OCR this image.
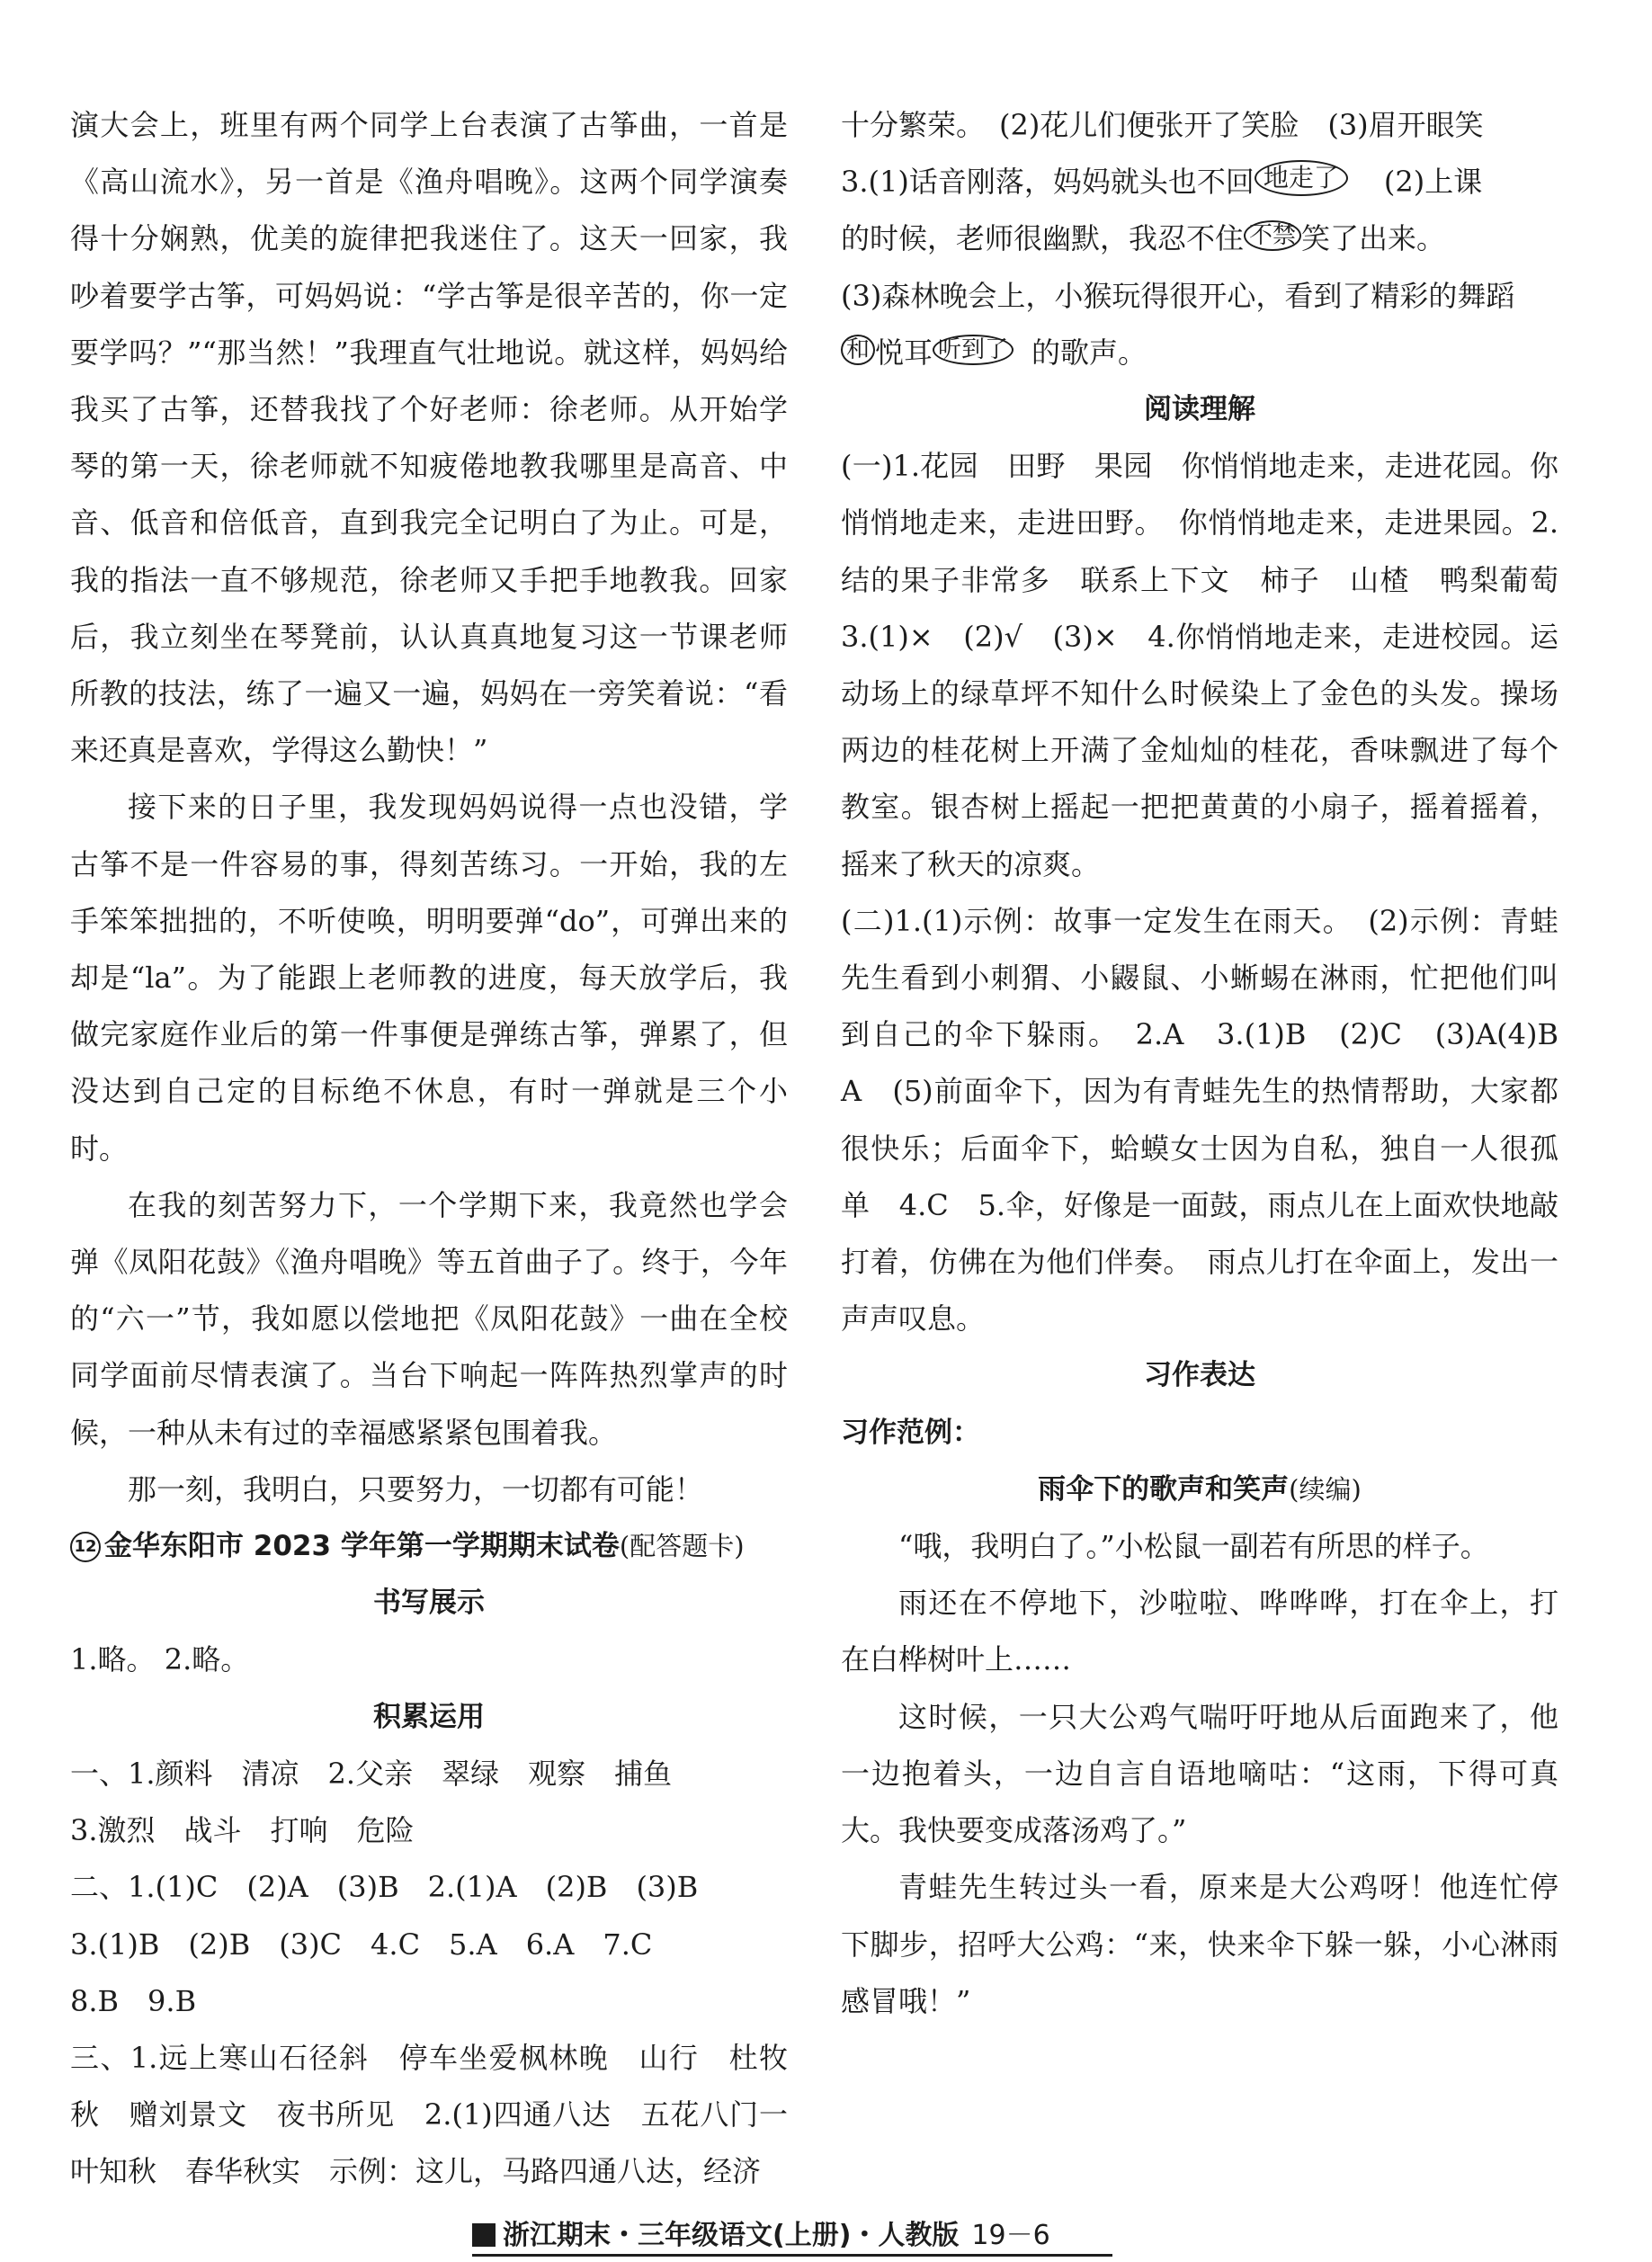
演大会上，班里有两个同学上台表演了古筝曲，一首是《高山流水》，另一首是《渔舟唱晚》。这两个同学演奏得十分娴熟，优美的旋律把我迷住了。这天一回家，我吵着要学古筝，可妈妈说：“学古筝是很辛苦的，你一定要学吗？”“那当然！”我理直气壮地说。就这样，妈妈给我买了古筝，还替我找了个好老师：徐老师。从开始学琴的第一天，徐老师就不知疲倦地教我哪里是高音、中音、低音和倍低音，直到我完全记明白了为止。可是，我的指法一直不够规范，徐老师又手把手地教我。回家后，我立刻坐在琴凳前，认认真真地复习这一节课老师所教的技法，练了一遍又一遍，妈妈在一旁笑着说：“看来还真是喜欢，学得这么勤快！”

接下来的日子里，我发现妈妈说得一点也没错，学古筝不是一件容易的事，得刻苦练习。一开始，我的左手笨笨拙拙的，不听使唤，明明要弹“do”，可弹出来的却是“la”。为了能跟上老师教的进度，每天放学后，我做完家庭作业后的第一件事便是弹练古筝，弹累了，但没达到自己定的目标绝不休息，有时一弹就是三个小时。

在我的刻苦努力下，一个学期下来，我竟然也学会弹《凤阳花鼓》《渔舟唱晚》等五首曲子了。终于，今年的“六一”节，我如愿以偿地把《凤阳花鼓》一曲在全校同学面前尽情表演了。当台下响起一阵阵热烈掌声的时候，一种从未有过的幸福感紧紧包围着我。

那一刻，我明白，只要努力，一切都有可能！

12 金华东阳市 2023 学年第一学期期末试卷(配答题卡)

书写展示

1.略。 2.略。

积累运用

一、1.颜料　清凉　2.父亲　翠绿　观察　捕鱼

3.激烈　战斗　打响　危险

二、1.(1)C　(2)A　(3)B　2.(1)A　(2)B　(3)B

3.(1)B　(2)B　(3)C　4.C　5.A　6.A　7.C

8.B　9.B

三、1.远上寒山石径斜　停车坐爱枫林晚　山行　杜牧秋　赠刘景文　夜书所见　2.(1)四通八达　五花八门一叶知秋　春华秋实　示例：这儿，马路四通八达，经济

十分繁荣。　(2)花儿们便张开了笑脸　(3)眉开眼笑

3.(1)话音刚落，妈妈就头也不回 地走了 (2)上课

的时候，老师很幽默，我忍不住 不禁 笑了出来。

(3)森林晚会上，小猴玩得很开心，看到了精彩的舞蹈

和 悦耳 听到了 的歌声。

阅读理解

(一)1.花园　田野　果园　你悄悄地走来，走进花园。你悄悄地走来，走进田野。　你悄悄地走来，走进果园。2.结的果子非常多　联系上下文　柿子　山楂　鸭梨葡萄　3.(1)×　(2)√　(3)×　4.你悄悄地走来，走进校园。运动场上的绿草坪不知什么时候染上了金色的头发。操场两边的桂花树上开满了金灿灿的桂花，香味飘进了每个教室。银杏树上摇起一把把黄黄的小扇子，摇着摇着，摇来了秋天的凉爽。

(二)1.(1)示例：故事一定发生在雨天。　(2)示例：青蛙先生看到小刺猬、小鼹鼠、小蜥蜴在淋雨，忙把他们叫到自己的伞下躲雨。　2.A　3.(1)B　(2)C　(3)A(4)B　A　(5)前面伞下，因为有青蛙先生的热情帮助，大家都很快乐；后面伞下，蛤蟆女士因为自私，独自一人很孤单　4.C　5.伞，好像是一面鼓，雨点儿在上面欢快地敲打着，仿佛在为他们伴奏。　雨点儿打在伞面上，发出一声声叹息。

习作表达

习作范例：

雨伞下的歌声和笑声(续编)

“哦，我明白了。”小松鼠一副若有所思的样子。

雨还在不停地下，沙啦啦、哗哗哗，打在伞上，打在白桦树叶上……

这时候，一只大公鸡气喘吁吁地从后面跑来了，他一边抱着头，一边自言自语地嘀咕：“这雨，下得可真大。我快要变成落汤鸡了。”

青蛙先生转过头一看，原来是大公鸡呀！他连忙停下脚步，招呼大公鸡：“来，快来伞下躲一躲，小心淋雨感冒哦！”

浙江期末・三年级语文(上册)・人教版 19－6
